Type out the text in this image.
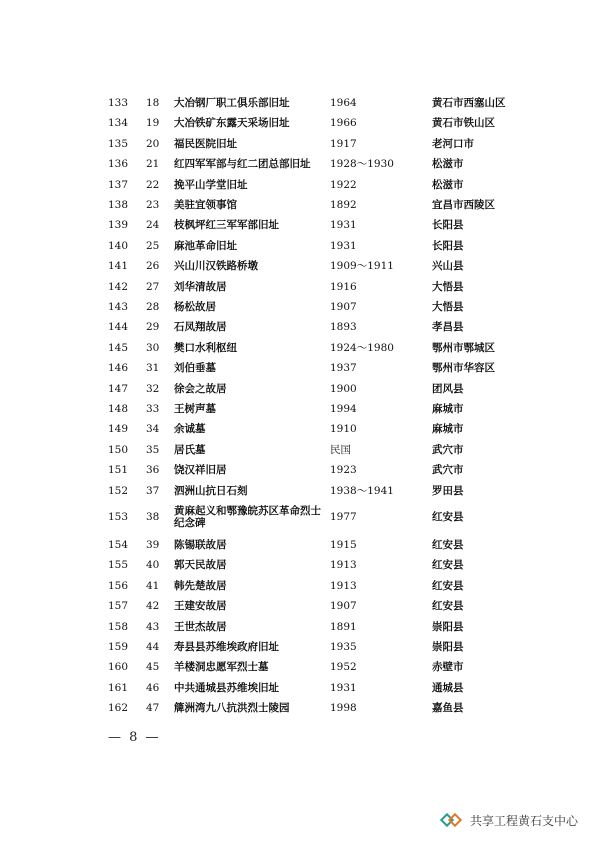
133 18 大冶钢厂职工俱乐部旧址	1964	黄石市西塞山区
134 19 大冶铁矿东露天采场旧址	1966	黄石市铁山区
135 20 福民医院旧址	1917	老河口市
136 21 红四军军部与红二团总部旧址 1928～1930	松滋市
137 22 挽平山学堂旧址	1922	松滋市
138 23 美驻宜领事馆	1892	宜昌市西陵区
139 24 枝枫坪红三军军部旧址	1931	长阳县
140 25 麻池革命旧址	1931	长阳县
141 26 兴山川汉铁路桥墩	1909～1911	兴山县
142 27 刘华清故居	1916	大悟县
143 28 杨松故居	1907	大悟县
144 29 石凤翔故居	1893	孝昌县
145 30 樊口水利枢纽	1924～1980	鄂州市鄂城区
146 31 刘伯垂墓	1937	鄂州市华容区
147 32 徐会之故居	1900	团风县
148 33 王树声墓	1994	麻城市
149 34 余诚墓	1910	麻城市
150 35 居氏墓	民国	武穴市
151 36 饶汉祥旧居	1923	武穴市
152 37 泗洲山抗日石刻	1938～1941	罗田县
153 38 黄麻起义和鄂豫皖苏区革命烈士纪念碑	1977	红安县
154 39 陈锡联故居	1915	红安县
155 40 郭天民故居	1913	红安县
156 41 韩先楚故居	1913	红安县
157 42 王建安故居	1907	红安县
158 43 王世杰故居	1891	崇阳县
159 44 寿县县苏维埃政府旧址	1935	崇阳县
160 45 羊楼洞忠愿军烈士墓	1952	赤壁市
161 46 中共通城县苏维埃旧址	1931	通城县
162 47 簰洲湾九八抗洪烈士陵园	1998	嘉鱼县
— 8 —
共享工程黄石支中心
